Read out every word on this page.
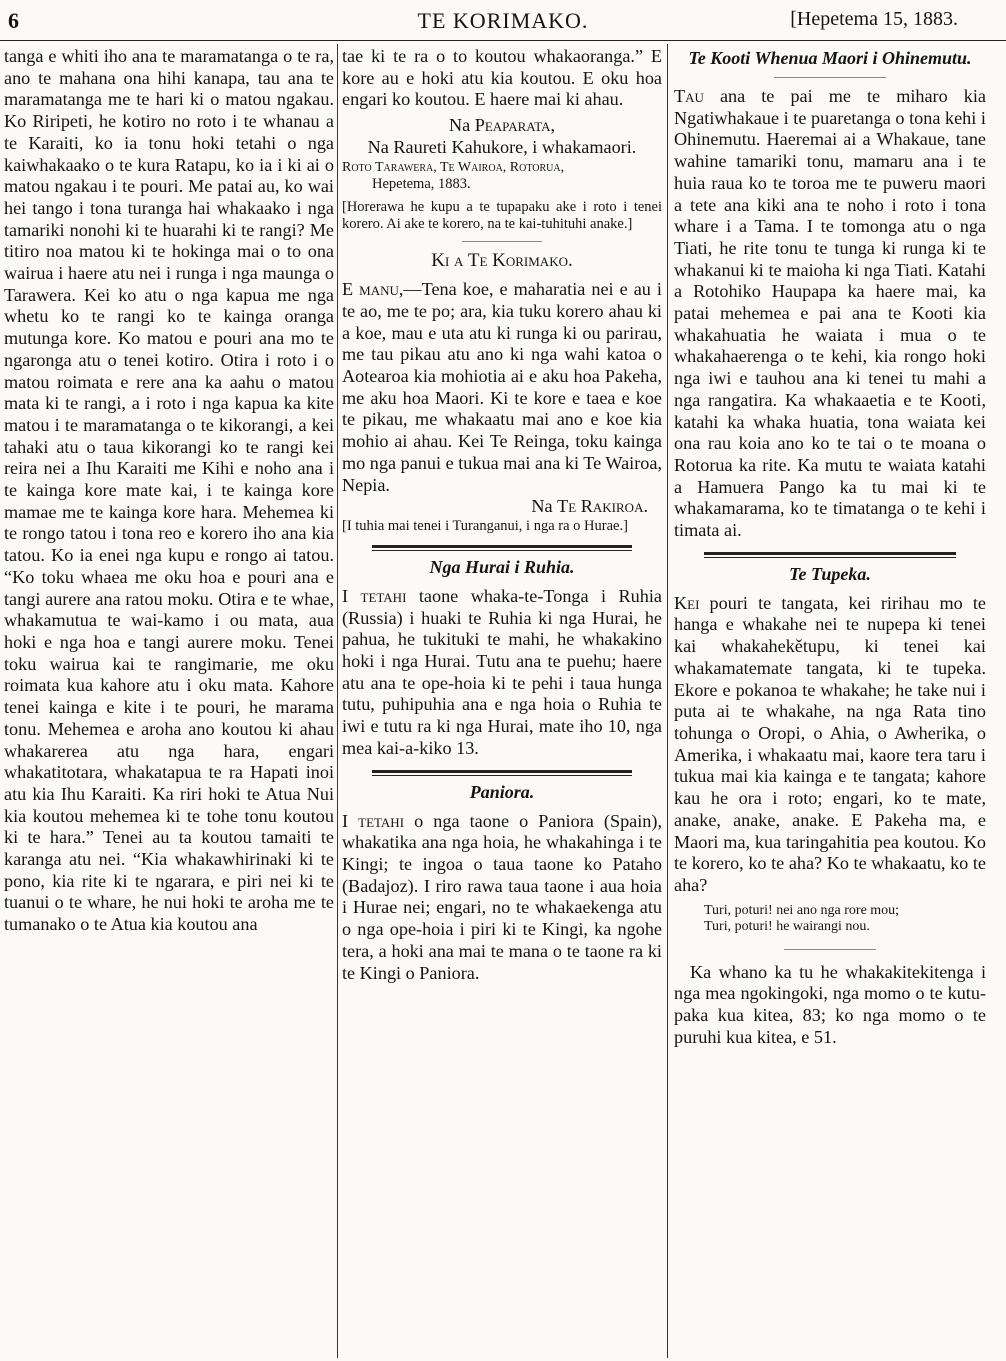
6	TE KORIMAKO.	[Hepetema 15, 1883.

tanga e whiti iho ana te maramatanga o te ra, ano te mahana ona hihi kanapa, tau ana te maramatanga me te hari ki o matou ngakau. Ko Riripeti, he kotiro no roto i te whanau a te Karaiti, ko ia tonu hoki tetahi o nga kaiwhakaako o te kura Ratapu, ko ia i ki ai o matou ngakau i te pouri. Me patai au, ko wai hei tango i tona turanga hai whakaako i nga tamariki nonohi ki te huarahi ki te rangi? Me titiro noa matou ki te hokinga mai o to ona wairua i haere atu nei i runga i nga maunga o Tarawera. Kei ko atu o nga kapua me nga whetu ko te rangi ko te kainga oranga mutunga kore. Ko matou e pouri ana mo te ngaronga atu o tenei kotiro. Otira i roto i o matou roimata e rere ana ka aahu o matou mata ki te rangi, a i roto i nga kapua ka kite matou i te maramatanga o te kikorangi, a kei tahaki atu o taua kikorangi ko te rangi kei reira nei a Ihu Karaiti me Kihi e noho ana i te kainga kore mate kai, i te kainga kore mamae me te kainga kore hara. Mehemea ki te rongo tatou i tona reo e korero iho ana kia tatou. Ko ia enei nga kupu e rongo ai tatou. “Ko toku whaea me oku hoa e pouri ana e tangi aurere ana ratou moku. Otira e te whae, whakamutua te wai-kamo i ou mata, aua hoki e nga hoa e tangi aurere moku. Tenei toku wairua kai te rangimarie, me oku roimata kua kahore atu i oku mata. Kahore tenei kainga e kite i te pouri, he marama tonu. Mehemea e aroha ano koutou ki ahau whakarerea atu nga hara, engari whakatitotara, whakatapua te ra Hapati inoi atu kia Ihu Karaiti. Ka riri hoki te Atua Nui kia koutou mehemea ki te tohe tonu koutou ki te hara.” Tenei au ta koutou tamaiti te karanga atu nei. “Kia whakawhirinaki ki te pono, kia rite ki te ngarara, e piri nei ki te tuanui o te whare, he nui hoki te aroha me te tumanako o te Atua kia koutou ana

tae ki te ra o to koutou whakaoranga.” E kore au e hoki atu kia koutou. E oku hoa engari ko koutou. E haere mai ki ahau.

Na Peaparata,

Na Raureti Kahukore, i whakamaori.

Roto Tarawera, Te Wairoa, Rotorua,

Hepetema, 1883.

[Horerawa he kupu a te tupapaku ake i roto i tenei korero. Ai ake te korero, na te kai-tuhituhi anake.]

Ki a Te Korimako.

E manu,—Tena koe, e maharatia nei e au i te ao, me te po; ara, kia tuku korero ahau ki a koe, mau e uta atu ki runga ki ou parirau, me tau pikau atu ano ki nga wahi katoa o Aotearoa kia mohiotia ai e aku hoa Pakeha, me aku hoa Maori. Ki te kore e taea e koe te pikau, me whakaatu mai ano e koe kia mohio ai ahau. Kei Te Reinga, toku kainga mo nga panui e tukua mai ana ki Te Wairoa, Nepia.

Na Te Rakiroa.

[I tuhia mai tenei i Turanganui, i nga ra o Hurae.]

Nga Hurai i Ruhia.

I tetahi taone whaka-te-Tonga i Ruhia (Russia) i huaki te Ruhia ki nga Hurai, he pahua, he tukituki te mahi, he whakakino hoki i nga Hurai. Tutu ana te puehu; haere atu ana te ope-hoia ki te pehi i taua hunga tutu, puhipuhia ana e nga hoia o Ruhia te iwi e tutu ra ki nga Hurai, mate iho 10, nga mea kai-a-kiko 13.

Paniora.

I tetahi o nga taone o Paniora (Spain), whakatika ana nga hoia, he whakahinga i te Kingi; te ingoa o taua taone ko Pataho (Badajoz). I riro rawa taua taone i aua hoia i Hurae nei; engari, no te whakaekenga atu o nga ope-hoia i piri ki te Kingi, ka ngohe tera, a hoki ana mai te mana o te taone ra ki te Kingi o Paniora.

Te Kooti Whenua Maori i Ohinemutu.

Tau ana te pai me te miharo kia Ngatiwhakaue i te puaretanga o tona kehi i Ohinemutu. Haeremai ai a Whakaue, tane wahine tamariki tonu, mamaru ana i te huia raua ko te toroa me te puweru maori a tete ana kiki ana te noho i roto i tona whare i a Tama. I te tomonga atu o nga Tiati, he rite tonu te tunga ki runga ki te whakanui ki te maioha ki nga Tiati. Katahi a Rotohiko Haupapa ka haere mai, ka patai mehemea e pai ana te Kooti kia whakahuatia he waiata i mua o te whakahaerenga o te kehi, kia rongo hoki nga iwi e tauhou ana ki tenei tu mahi a nga rangatira. Ka whakaaetia e te Kooti, katahi ka whaka huatia, tona waiata kei ona rau koia ano ko te tai o te moana o Rotorua ka rite. Ka mutu te waiata katahi a Hamuera Pango ka tu mai ki te whakamarama, ko te timatanga o te kehi i timata ai.

Te Tupeka.

Kei pouri te tangata, kei ririhau mo te hanga e whakahe nei te nupepa ki tenei kai whakahekětupu, ki tenei kai whakamatemate tangata, ki te tupeka. Ekore e pokanoa te whakahe; he take nui i puta ai te whakahe, na nga Rata tino tohunga o Oropi, o Ahia, o Awherika, o Amerika, i whakaatu mai, kaore tera taru i tukua mai kia kainga e te tangata; kahore kau he ora i roto; engari, ko te mate, anake, anake, anake. E Pakeha ma, e Maori ma, kua taringahitia pea koutou. Ko te korero, ko te aha? Ko te whakaatu, ko te aha?

Turi, poturi! nei ano nga rore mou;
Turi, poturi! he wairangi nou.

Ka whano ka tu he whakakitekitenga i nga mea ngokingoki, nga momo o te kutu-paka kua kitea, 83; ko nga momo o te puruhi kua kitea, e 51.
